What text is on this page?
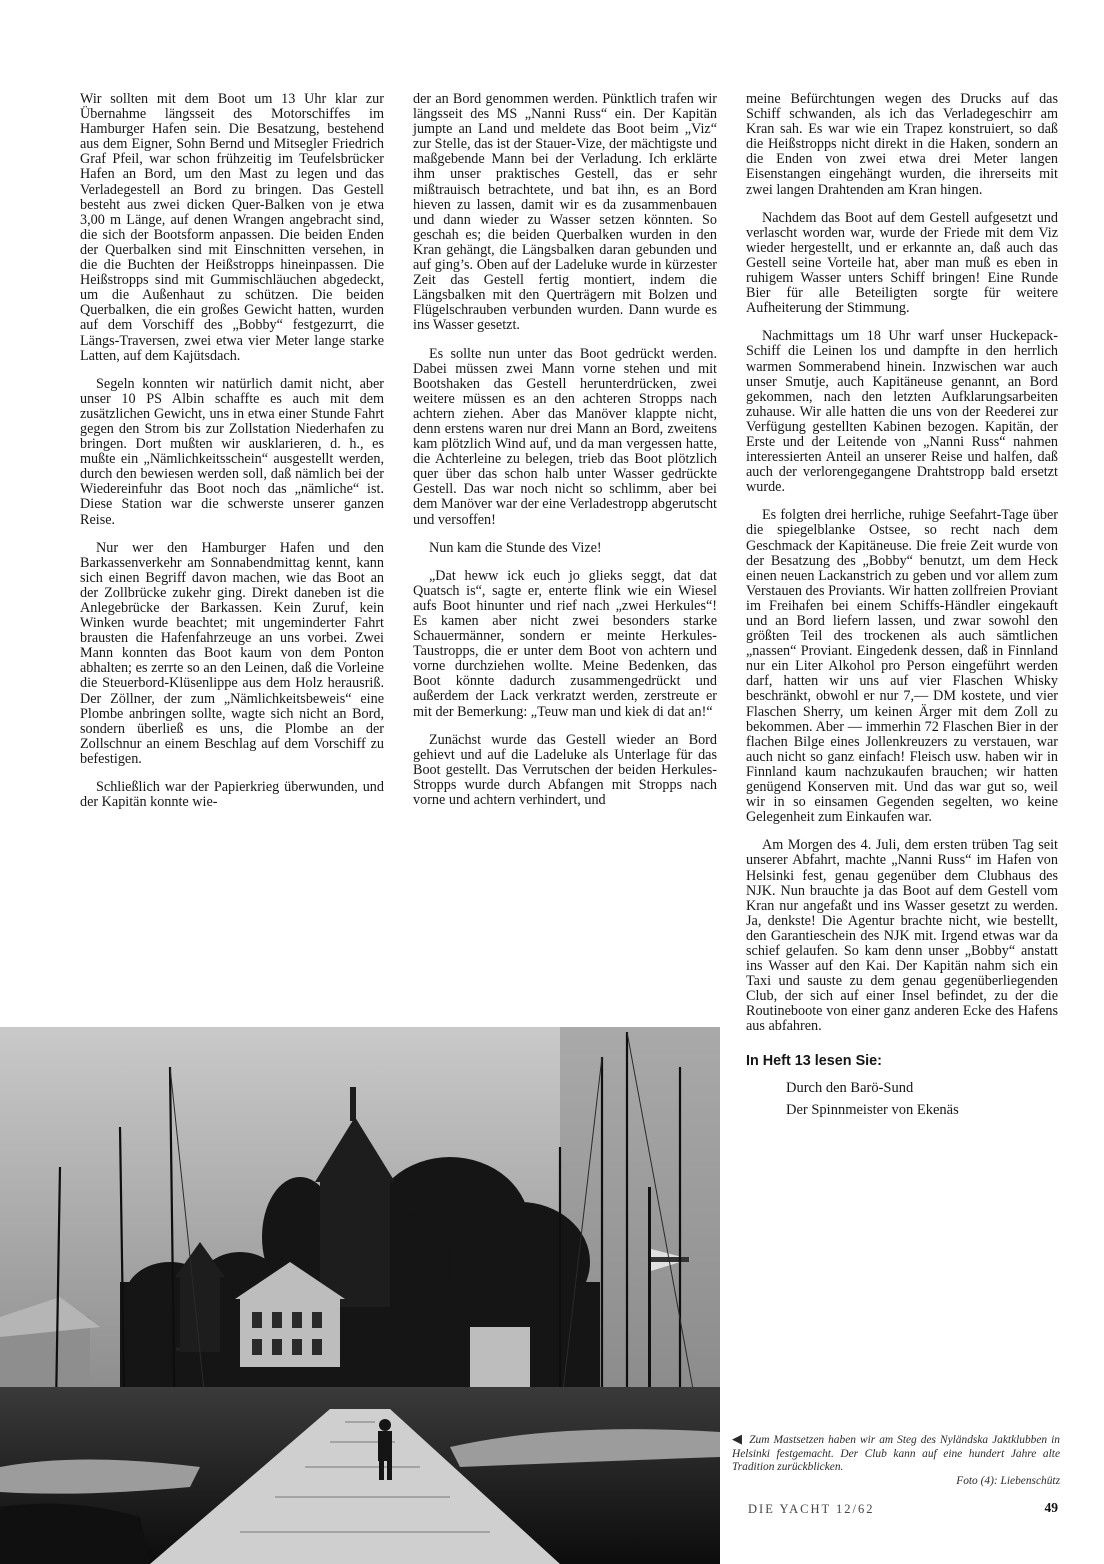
Wir sollten mit dem Boot um 13 Uhr klar zur Übernahme längsseit des Motorschiffes im Hamburger Hafen sein. Die Besatzung, bestehend aus dem Eigner, Sohn Bernd und Mitsegler Friedrich Graf Pfeil, war schon frühzeitig im Teufelsbrücker Hafen an Bord, um den Mast zu legen und das Verladegestell an Bord zu bringen. Das Gestell besteht aus zwei dicken Quer-Balken von je etwa 3,00 m Länge, auf denen Wrangen angebracht sind, die sich der Bootsform anpassen. Die beiden Enden der Querbalken sind mit Einschnitten versehen, in die die Buchten der Heißstropps hineinpassen. Die Heißstropps sind mit Gummischläuchen abgedeckt, um die Außenhaut zu schützen. Die beiden Querbalken, die ein großes Gewicht hatten, wurden auf dem Vorschiff des „Bobby“ festgezurrt, die Längs-Traversen, zwei etwa vier Meter lange starke Latten, auf dem Kajütsdach.

Segeln konnten wir natürlich damit nicht, aber unser 10 PS Albin schaffte es auch mit dem zusätzlichen Gewicht, uns in etwa einer Stunde Fahrt gegen den Strom bis zur Zollstation Niederhafen zu bringen. Dort mußten wir ausklarieren, d. h., es mußte ein „Nämlichkeitsschein“ ausgestellt werden, durch den bewiesen werden soll, daß nämlich bei der Wiedereinfuhr das Boot noch das „nämliche“ ist. Diese Station war die schwerste unserer ganzen Reise.

Nur wer den Hamburger Hafen und den Barkassenverkehr am Sonnabendmittag kennt, kann sich einen Begriff davon machen, wie das Boot an der Zollbrücke zukehr ging. Direkt daneben ist die Anlegebrücke der Barkassen. Kein Zuruf, kein Winken wurde beachtet; mit ungeminderter Fahrt brausten die Hafenfahrzeuge an uns vorbei. Zwei Mann konnten das Boot kaum von dem Ponton abhalten; es zerrte so an den Leinen, daß die Vorleine die Steuerbord-Klüsenlippe aus dem Holz herausriß. Der Zöllner, der zum „Nämlichkeitsbeweis“ eine Plombe anbringen sollte, wagte sich nicht an Bord, sondern überließ es uns, die Plombe an der Zollschnur an einem Beschlag auf dem Vorschiff zu befestigen.

Schließlich war der Papierkrieg überwunden, und der Kapitän konnte wie-

der an Bord genommen werden. Pünktlich trafen wir längsseit des MS „Nanni Russ“ ein. Der Kapitän jumpte an Land und meldete das Boot beim „Viz“ zur Stelle, das ist der Stauer-Vize, der mächtigste und maßgebende Mann bei der Verladung. Ich erklärte ihm unser praktisches Gestell, das er sehr mißtrauisch betrachtete, und bat ihn, es an Bord hieven zu lassen, damit wir es da zusammenbauen und dann wieder zu Wasser setzen könnten. So geschah es; die beiden Querbalken wurden in den Kran gehängt, die Längsbalken daran gebunden und auf ging’s. Oben auf der Ladeluke wurde in kürzester Zeit das Gestell fertig montiert, indem die Längsbalken mit den Querträgern mit Bolzen und Flügelschrauben verbunden wurden. Dann wurde es ins Wasser gesetzt.

Es sollte nun unter das Boot gedrückt werden. Dabei müssen zwei Mann vorne stehen und mit Bootshaken das Gestell herunterdrücken, zwei weitere müssen es an den achteren Stropps nach achtern ziehen. Aber das Manöver klappte nicht, denn erstens waren nur drei Mann an Bord, zweitens kam plötzlich Wind auf, und da man vergessen hatte, die Achterleine zu belegen, trieb das Boot plötzlich quer über das schon halb unter Wasser gedrückte Gestell. Das war noch nicht so schlimm, aber bei dem Manöver war der eine Verladestropp abgerutscht und versoffen!

Nun kam die Stunde des Vize!

„Dat heww ick euch jo glieks seggt, dat dat Quatsch is“, sagte er, enterte flink wie ein Wiesel aufs Boot hinunter und rief nach „zwei Herkules“! Es kamen aber nicht zwei besonders starke Schauermänner, sondern er meinte Herkules-Taustropps, die er unter dem Boot von achtern und vorne durchziehen wollte. Meine Bedenken, das Boot könnte dadurch zusammengedrückt und außerdem der Lack verkratzt werden, zerstreute er mit der Bemerkung: „Teuw man und kiek di dat an!“

Zunächst wurde das Gestell wieder an Bord gehievt und auf die Ladeluke als Unterlage für das Boot gestellt. Das Verrutschen der beiden Herkules-Stropps wurde durch Abfangen mit Stropps nach vorne und achtern verhindert, und

meine Befürchtungen wegen des Drucks auf das Schiff schwanden, als ich das Verladegeschirr am Kran sah. Es war wie ein Trapez konstruiert, so daß die Heißstropps nicht direkt in die Haken, sondern an die Enden von zwei etwa drei Meter langen Eisenstangen eingehängt wurden, die ihrerseits mit zwei langen Drahtenden am Kran hingen.

Nachdem das Boot auf dem Gestell aufgesetzt und verlascht worden war, wurde der Friede mit dem Viz wieder hergestellt, und er erkannte an, daß auch das Gestell seine Vorteile hat, aber man muß es eben in ruhigem Wasser unters Schiff bringen! Eine Runde Bier für alle Beteiligten sorgte für weitere Aufheiterung der Stimmung.

Nachmittags um 18 Uhr warf unser Huckepack-Schiff die Leinen los und dampfte in den herrlich warmen Sommerabend hinein. Inzwischen war auch unser Smutje, auch Kapitäneuse genannt, an Bord gekommen, nach den letzten Aufklarungsarbeiten zuhause. Wir alle hatten die uns von der Reederei zur Verfügung gestellten Kabinen bezogen. Kapitän, der Erste und der Leitende von „Nanni Russ“ nahmen interessierten Anteil an unserer Reise und halfen, daß auch der verlorengegangene Drahtstropp bald ersetzt wurde.

Es folgten drei herrliche, ruhige Seefahrt-Tage über die spiegelblanke Ostsee, so recht nach dem Geschmack der Kapitäneuse. Die freie Zeit wurde von der Besatzung des „Bobby“ benutzt, um dem Heck einen neuen Lackanstrich zu geben und vor allem zum Verstauen des Proviants. Wir hatten zollfreien Proviant im Freihafen bei einem Schiffs-Händler eingekauft und an Bord liefern lassen, und zwar sowohl den größten Teil des trockenen als auch sämtlichen „nassen“ Proviant. Eingedenk dessen, daß in Finnland nur ein Liter Alkohol pro Person eingeführt werden darf, hatten wir uns auf vier Flaschen Whisky beschränkt, obwohl er nur 7,— DM kostete, und vier Flaschen Sherry, um keinen Ärger mit dem Zoll zu bekommen. Aber — immerhin 72 Flaschen Bier in der flachen Bilge eines Jollenkreuzers zu verstauen, war auch nicht so ganz einfach! Fleisch usw. haben wir in Finnland kaum nachzukaufen brauchen; wir hatten genügend Konserven mit. Und das war gut so, weil wir in so einsamen Gegenden segelten, wo keine Gelegenheit zum Einkaufen war.

Am Morgen des 4. Juli, dem ersten trüben Tag seit unserer Abfahrt, machte „Nanni Russ“ im Hafen von Helsinki fest, genau gegenüber dem Clubhaus des NJK. Nun brauchte ja das Boot auf dem Gestell vom Kran nur angefaßt und ins Wasser gesetzt zu werden. Ja, denkste! Die Agentur brachte nicht, wie bestellt, den Garantieschein des NJK mit. Irgend etwas war da schief gelaufen. So kam denn unser „Bobby“ anstatt ins Wasser auf den Kai. Der Kapitän nahm sich ein Taxi und sauste zu dem genau gegenüberliegenden Club, der sich auf einer Insel befindet, zu der die Routineboote von einer ganz anderen Ecke des Hafens aus abfahren.

In Heft 13 lesen Sie:
Durch den Barö-Sund
Der Spinnmeister von Ekenäs
◀ Zum Mastsetzen haben wir am Steg des Nyländska Jaktklubben in Helsinki festgemacht. Der Club kann auf eine hundert Jahre alte Tradition zurückblicken.
Foto (4): Liebenschütz
DIE YACHT 12/62	49
